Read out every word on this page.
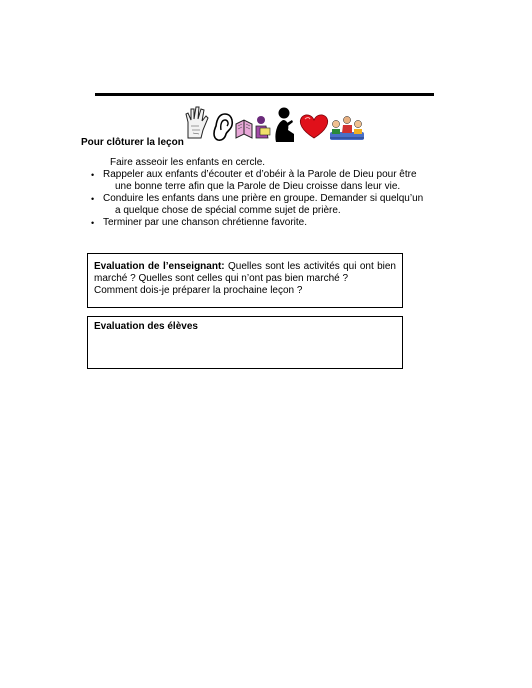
Pour clôturer la leçon
Faire asseoir les enfants en cercle.
• Rappeler aux enfants d’écouter et d’obéir à la Parole de Dieu pour être
une bonne terre afin que la Parole de Dieu croisse dans leur vie.
• Conduire les enfants dans une prière en groupe. Demander si quelqu’un
a quelque chose de spécial comme sujet de prière.
• Terminer par une chanson chrétienne favorite.
Evaluation de l’enseignant: Quelles sont les activités qui ont bien marché ? Quelles sont celles qui n’ont pas bien marché ?
Comment dois-je préparer la prochaine leçon ?
Evaluation des élèves
